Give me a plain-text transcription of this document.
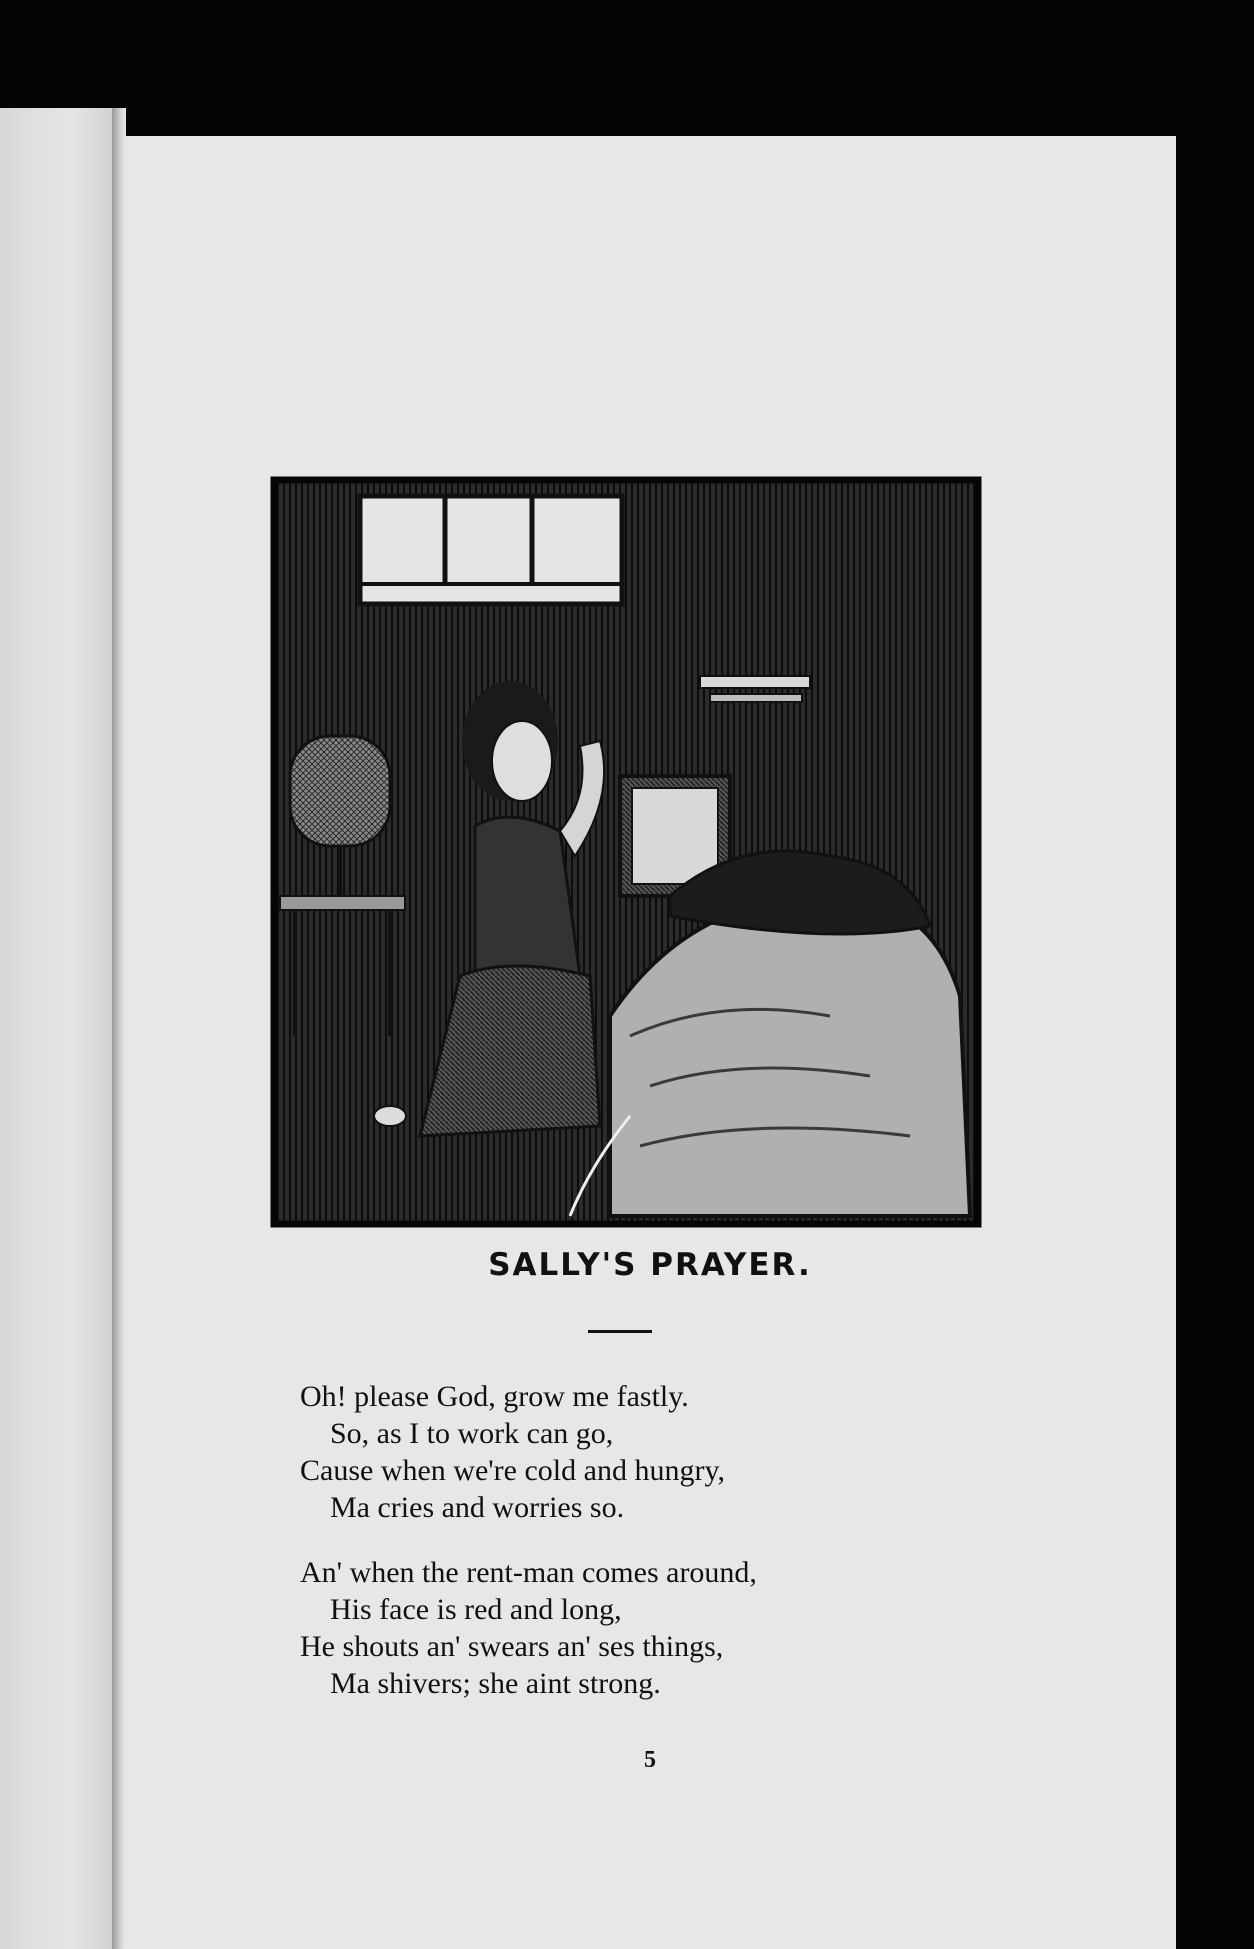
SALLY'S PRAYER.
Oh! please God, grow me fastly.
So, as I to work can go,
Cause when we're cold and hungry,
Ma cries and worries so.
An' when the rent-man comes around,
His face is red and long,
He shouts an' swears an' ses things,
Ma shivers; she aint strong.
5
